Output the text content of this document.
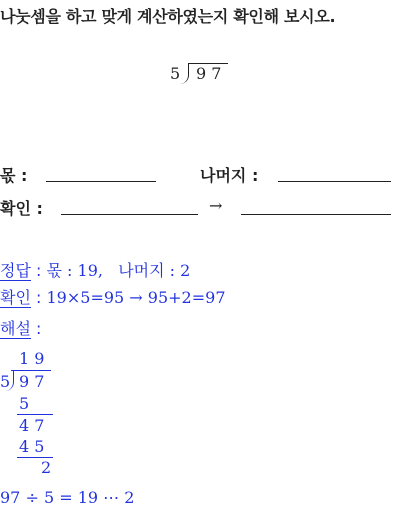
나눗셈을 하고 맞게 계산하였는지 확인해 보시오.
5 9 7
몫 :	나머지 :
확인 :	→
정답 : 몫 : 19,   나머지 : 2
확인 : 19×5=95 → 95+2=97
해설 :
1 9
5 9 7
5
4 7
4 5
2
97 ÷ 5 = 19 ⋯ 2
